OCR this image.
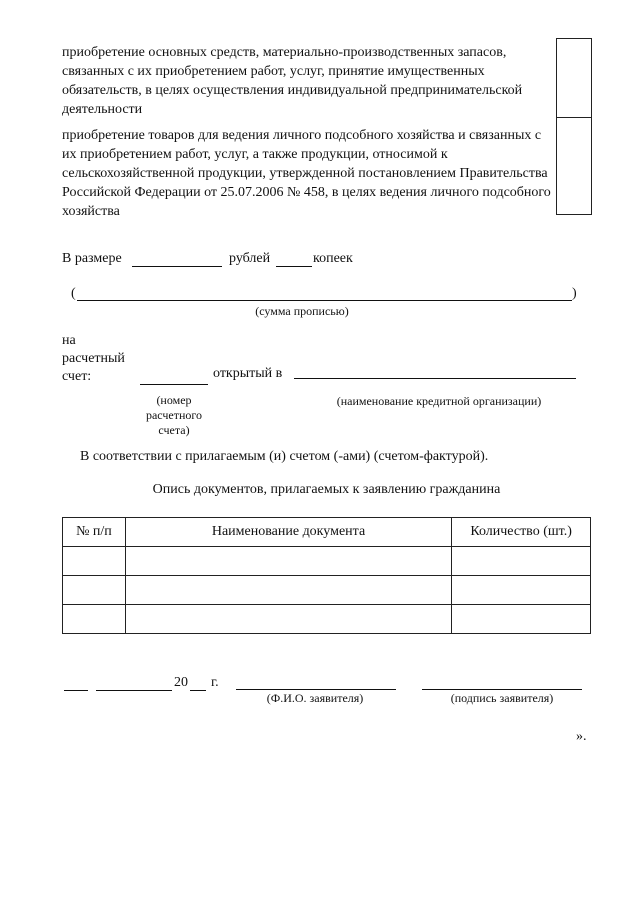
приобретение основных средств, материально-производственных запасов, связанных с их приобретением работ, услуг, принятие имущественных обязательств, в целях осуществления индивидуальной предпринимательской деятельности
приобретение товаров для ведения личного подсобного хозяйства и связанных с их приобретением работ, услуг, а также продукции, относимой к сельскохозяйственной продукции, утвержденной постановлением Правительства Российской Федерации от 25.07.2006 № 458, в целях ведения личного подсобного хозяйства
В размере	рублей	копеек
(	)
(сумма прописью)
на
расчетный
счет:	открытый в
(номер
расчетного
счета)
(наименование кредитной организации)
В соответствии с прилагаемым (и) счетом (-ами) (счетом-фактурой).
Опись документов, прилагаемых к заявлению гражданина
№ п/п	Наименование документа	Количество (шт.)

20 г.
(Ф.И.О. заявителя)	(подпись заявителя)
».
